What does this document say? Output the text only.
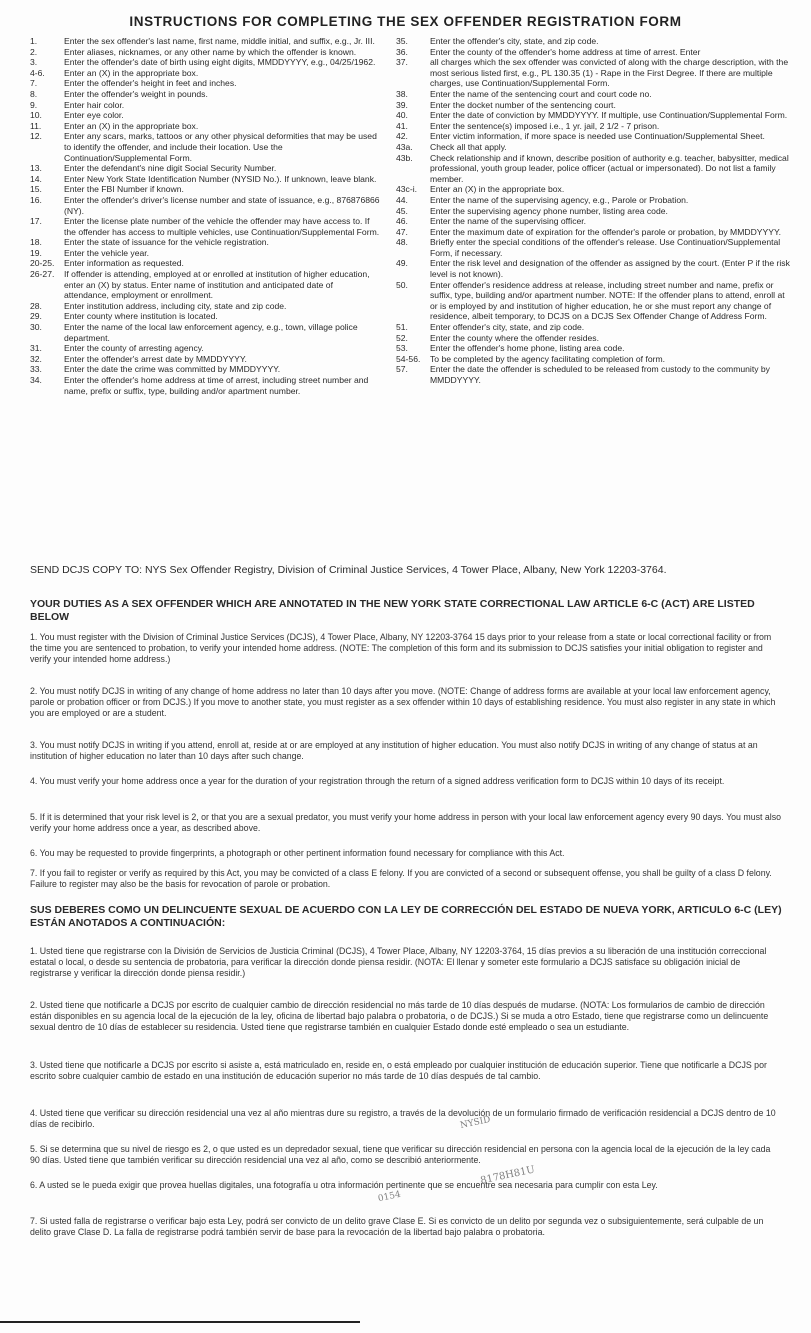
INSTRUCTIONS FOR COMPLETING THE SEX OFFENDER REGISTRATION FORM
1.	Enter the sex offender's last name, first name, middle initial, and suffix, e.g., Jr. III.
2.	Enter aliases, nicknames, or any other name by which the offender is known.
3.	Enter the offender's date of birth using eight digits, MMDDYYYY, e.g., 04/25/1962.
4-6.	Enter an (X) in the appropriate box.
7.	Enter the offender's height in feet and inches.
8.	Enter the offender's weight in pounds.
9.	Enter hair color.
10.	Enter eye color.
11.	Enter an (X) in the appropriate box.
12.	Enter any scars, marks, tattoos or any other physical deformities that may be used to identify the offender, and include their location. Use the Continuation/Supplemental Form.
13.	Enter the defendant's nine digit Social Security Number.
14.	Enter New York State Identification Number (NYSID No.). If unknown, leave blank.
15.	Enter the FBI Number if known.
16.	Enter the offender's driver's license number and state of issuance, e.g., 876876866 (NY).
17.	Enter the license plate number of the vehicle the offender may have access to. If the offender has access to multiple vehicles, use Continuation/Supplemental Form.
18.	Enter the state of issuance for the vehicle registration.
19.	Enter the vehicle year.
20-25.	Enter information as requested.
26-27.	If offender is attending, employed at or enrolled at institution of higher education, enter an (X) by status. Enter name of institution and anticipated date of attendance, employment or enrollment.
28.	Enter institution address, including city, state and zip code.
29.	Enter county where institution is located.
30.	Enter the name of the local law enforcement agency, e.g., town, village police department.
31.	Enter the county of arresting agency.
32.	Enter the offender's arrest date by MMDDYYYY.
33.	Enter the date the crime was committed by MMDDYYYY.
34.	Enter the offender's home address at time of arrest, including street number and name, prefix or suffix, type, building and/or apartment number.
35.	Enter the offender's city, state, and zip code.
36.	Enter the county of the offender's home address at time of arrest. Enter
37.	all charges which the sex offender was convicted of along with the charge description, with the most serious listed first, e.g., PL 130.35 (1) - Rape in the First Degree. If there are multiple charges, use Continuation/Supplemental Form.
38.	Enter the name of the sentencing court and court code no.
39.	Enter the docket number of the sentencing court.
40.	Enter the date of conviction by MMDDYYYY. If multiple, use Continuation/Supplemental Form.
41.	Enter the sentence(s) imposed i.e., 1 yr. jail, 2 1/2 - 7 prison.
42.	Enter victim information, if more space is needed use Continuation/Supplemental Sheet.
43a.	Check all that apply.
43b.	Check relationship and if known, describe position of authority e.g. teacher, babysitter, medical professional, youth group leader, police officer (actual or impersonated). Do not list a family member.
43c-i.	Enter an (X) in the appropriate box.
44.	Enter the name of the supervising agency, e.g., Parole or Probation.
45.	Enter the supervising agency phone number, listing area code.
46.	Enter the name of the supervising officer.
47.	Enter the maximum date of expiration for the offender's parole or probation, by MMDDYYYY.
48.	Briefly enter the special conditions of the offender's release. Use Continuation/Supplemental Form, if necessary.
49.	Enter the risk level and designation of the offender as assigned by the court. (Enter P if the risk level is not known).
50.	Enter offender's residence address at release, including street number and name, prefix or suffix, type, building and/or apartment number. NOTE: If the offender plans to attend, enroll at or is employed by and institution of higher education, he or she must report any change of residence, albeit temporary, to DCJS on a DCJS Sex Offender Change of Address Form.
51.	Enter offender's city, state, and zip code.
52.	Enter the county where the offender resides.
53.	Enter the offender's home phone, listing area code.
54-56.	To be completed by the agency facilitating completion of form.
57.	Enter the date the offender is scheduled to be released from custody to the community by MMDDYYYY.
SEND DCJS COPY TO: NYS Sex Offender Registry, Division of Criminal Justice Services, 4 Tower Place, Albany, New York 12203-3764.
YOUR DUTIES AS A SEX OFFENDER WHICH ARE ANNOTATED IN THE NEW YORK STATE CORRECTIONAL LAW ARTICLE 6-C (ACT) ARE LISTED BELOW
1. You must register with the Division of Criminal Justice Services (DCJS), 4 Tower Place, Albany, NY 12203-3764 15 days prior to your release from a state or local correctional facility or from the time you are sentenced to probation, to verify your intended home address. (NOTE: The completion of this form and its submission to DCJS satisfies your initial obligation to register and verify your intended home address.)
2. You must notify DCJS in writing of any change of home address no later than 10 days after you move. (NOTE: Change of address forms are available at your local law enforcement agency, parole or probation officer or from DCJS.) If you move to another state, you must register as a sex offender within 10 days of establishing residence. You must also register in any state in which you are employed or are a student.
3. You must notify DCJS in writing if you attend, enroll at, reside at or are employed at any institution of higher education. You must also notify DCJS in writing of any change of status at an institution of higher education no later than 10 days after such change.
4. You must verify your home address once a year for the duration of your registration through the return of a signed address verification form to DCJS within 10 days of its receipt.
5. If it is determined that your risk level is 2, or that you are a sexual predator, you must verify your home address in person with your local law enforcement agency every 90 days. You must also verify your home address once a year, as described above.
6. You may be requested to provide fingerprints, a photograph or other pertinent information found necessary for compliance with this Act.
7. If you fail to register or verify as required by this Act, you may be convicted of a class E felony. If you are convicted of a second or subsequent offense, you shall be guilty of a class D felony. Failure to register may also be the basis for revocation of parole or probation.
SUS DEBERES COMO UN DELINCUENTE SEXUAL DE ACUERDO CON LA LEY DE CORRECCIÓN DEL ESTADO DE NUEVA YORK, ARTICULO 6-C (LEY) ESTÁN ANOTADOS A CONTINUACIÓN:
1. Usted tiene que registrarse con la División de Servicios de Justicia Criminal (DCJS), 4 Tower Place, Albany, NY 12203-3764, 15 días previos a su liberación de una institución correccional estatal o local, o desde su sentencia de probatoria, para verificar la dirección donde piensa residir. (NOTA: El llenar y someter este formulario a DCJS satisface su obligación inicial de registrarse y verificar la dirección donde piensa residir.)
2. Usted tiene que notificarle a DCJS por escrito de cualquier cambio de dirección residencial no más tarde de 10 días después de mudarse. (NOTA: Los formularios de cambio de dirección están disponibles en su agencia local de la ejecución de la ley, oficina de libertad bajo palabra o probatoria, o de DCJS.) Si se muda a otro Estado, tiene que registrarse como un delincuente sexual dentro de 10 días de establecer su residencia. Usted tiene que registrarse también en cualquier Estado donde esté empleado o sea un estudiante.
3. Usted tiene que notificarle a DCJS por escrito si asiste a, está matriculado en, reside en, o está empleado por cualquier institución de educación superior. Tiene que notificarle a DCJS por escrito sobre cualquier cambio de estado en una institución de educación superior no más tarde de 10 días después de tal cambio.
4. Usted tiene que verificar su dirección residencial una vez al año mientras dure su registro, a través de la devolución de un formulario firmado de verificación residencial a DCJS dentro de 10 días de recibirlo.
5. Si se determina que su nivel de riesgo es 2, o que usted es un depredador sexual, tiene que verificar su dirección residencial en persona con la agencia local de la ejecución de la ley cada 90 días. Usted tiene que también verificar su dirección residencial una vez al año, como se describió anteriormente.
6. A usted se le pueda exigir que provea huellas digitales, una fotografía u otra información pertinente que se encuentre sea necesaria para cumplir con esta Ley.
7. Si usted falla de registrarse o verificar bajo esta Ley, podrá ser convicto de un delito grave Clase E. Si es convicto de un delito por segunda vez o subsiguientemente, será culpable de un delito grave Clase D. La falla de registrarse podrá también servir de base para la revocación de la libertad bajo palabra o probatoria.
NYSID
8178H81U
0154
